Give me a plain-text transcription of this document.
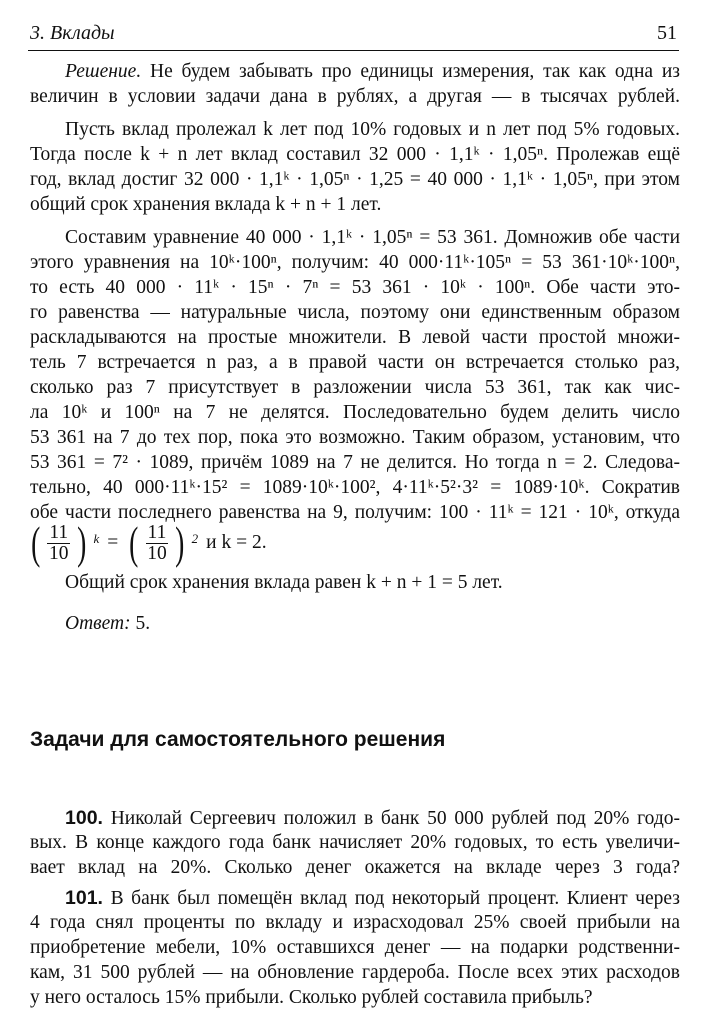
3. Вклады	51
Решение. Не будем забывать про единицы измерения, так как одна из
величин в условии задачи дана в рублях, а другая — в тысячах рублей.
Пусть вклад пролежал k лет под 10% годовых и n лет под 5% годовых.
Тогда после k + n лет вклад составил 32 000 · 1,1ᵏ · 1,05ⁿ. Пролежав ещё
год, вклад достиг 32 000 · 1,1ᵏ · 1,05ⁿ · 1,25 = 40 000 · 1,1ᵏ · 1,05ⁿ, при этом
общий срок хранения вклада k + n + 1 лет.
Составим уравнение 40 000 · 1,1ᵏ · 1,05ⁿ = 53 361. Домножив обе части
этого уравнения на 10ᵏ·100ⁿ, получим: 40 000·11ᵏ·105ⁿ = 53 361·10ᵏ·100ⁿ,
то есть 40 000 · 11ᵏ · 15ⁿ · 7ⁿ = 53 361 · 10ᵏ · 100ⁿ. Обе части это-
го равенства — натуральные числа, поэтому они единственным образом
раскладываются на простые множители. В левой части простой множи-
тель 7 встречается n раз, а в правой части он встречается столько раз,
сколько раз 7 присутствует в разложении числа 53 361, так как чис-
ла 10ᵏ и 100ⁿ на 7 не делятся. Последовательно будем делить число
53 361 на 7 до тех пор, пока это возможно. Таким образом, установим, что
53 361 = 7² · 1089, причём 1089 на 7 не делится. Но тогда n = 2. Следова-
тельно, 40 000·11ᵏ·15² = 1089·10ᵏ·100², 4·11ᵏ·5²·3² = 1089·10ᵏ. Сократив
обе части последнего равенства на 9, получим: 100 · 11ᵏ = 121 · 10ᵏ, откуда
( $\frac{11}{10}$ ) $^k$ = ( $\frac{11}{10}$ ) $^2$ и k = 2.
Общий срок хранения вклада равен k + n + 1 = 5 лет.
Ответ: 5.
Задачи для самостоятельного решения
100. Николай Сергеевич положил в банк 50 000 рублей под 20% годо-
вых. В конце каждого года банк начисляет 20% годовых, то есть увеличи-
вает вклад на 20%. Сколько денег окажется на вкладе через 3 года?
101. В банк был помещён вклад под некоторый процент. Клиент через
4 года снял проценты по вкладу и израсходовал 25% своей прибыли на
приобретение мебели, 10% оставшихся денег — на подарки родственни-
кам, 31 500 рублей — на обновление гардероба. После всех этих расходов
у него осталось 15% прибыли. Сколько рублей составила прибыль?
